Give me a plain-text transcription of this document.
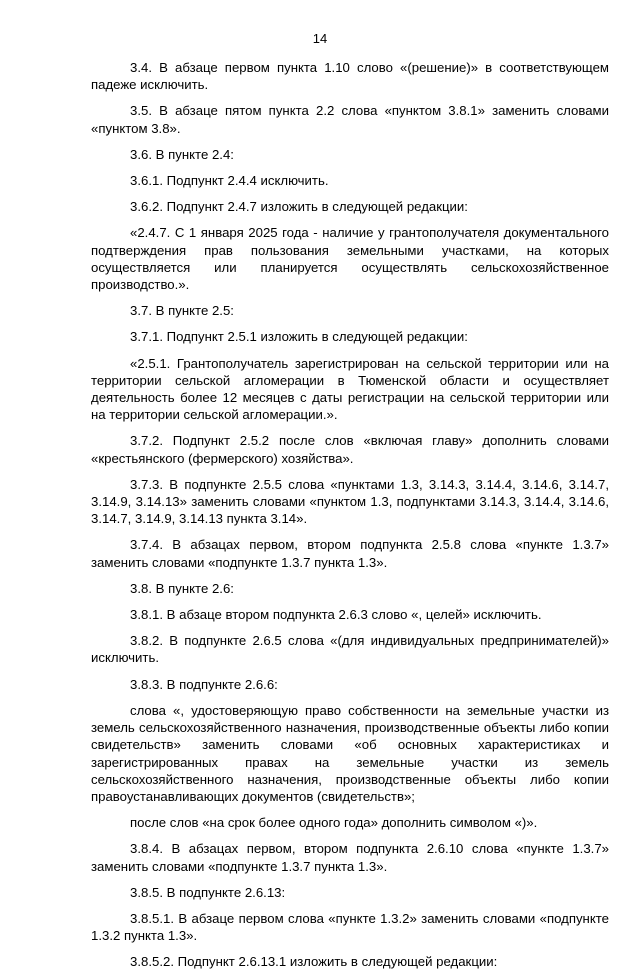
14

3.4. В абзаце первом пункта 1.10 слово «(решение)» в соответствующем падеже исключить.

3.5. В абзаце пятом пункта 2.2 слова «пунктом 3.8.1» заменить словами «пунктом 3.8».

3.6. В пункте 2.4:

3.6.1. Подпункт 2.4.4 исключить.

3.6.2. Подпункт 2.4.7 изложить в следующей редакции:

«2.4.7. С 1 января 2025 года - наличие у грантополучателя документального подтверждения прав пользования земельными участками, на которых осуществляется или планируется осуществлять сельскохозяйственное производство.».

3.7. В пункте 2.5:

3.7.1. Подпункт 2.5.1 изложить в следующей редакции:

«2.5.1. Грантополучатель зарегистрирован на сельской территории или на территории сельской агломерации в Тюменской области и осуществляет деятельность более 12 месяцев с даты регистрации на сельской территории или на территории сельской агломерации.».

3.7.2. Подпункт 2.5.2 после слов «включая главу» дополнить словами «крестьянского (фермерского) хозяйства».

3.7.3. В подпункте 2.5.5 слова «пунктами 1.3, 3.14.3, 3.14.4, 3.14.6, 3.14.7, 3.14.9, 3.14.13» заменить словами «пунктом 1.3, подпунктами 3.14.3, 3.14.4, 3.14.6, 3.14.7, 3.14.9, 3.14.13 пункта 3.14».

3.7.4. В абзацах первом, втором подпункта 2.5.8 слова «пункте 1.3.7» заменить словами «подпункте 1.3.7 пункта 1.3».

3.8. В пункте 2.6:

3.8.1. В абзаце втором подпункта 2.6.3 слово «, целей» исключить.

3.8.2. В подпункте 2.6.5 слова «(для индивидуальных предпринимателей)» исключить.

3.8.3. В подпункте 2.6.6:

слова «, удостоверяющую право собственности на земельные участки из земель сельскохозяйственного назначения, производственные объекты либо копии свидетельств» заменить словами «об основных характеристиках и зарегистрированных правах на земельные участки из земель сельскохозяйственного назначения, производственные объекты либо копии правоустанавливающих документов (свидетельств»;

после слов «на срок более одного года» дополнить символом «)».

3.8.4. В абзацах первом, втором подпункта 2.6.10 слова «пункте 1.3.7» заменить словами «подпункте 1.3.7 пункта 1.3».

3.8.5. В подпункте 2.6.13:

3.8.5.1. В абзаце первом слова «пункте 1.3.2» заменить словами «подпункте 1.3.2 пункта 1.3».

3.8.5.2. Подпункт 2.6.13.1 изложить в следующей редакции:
